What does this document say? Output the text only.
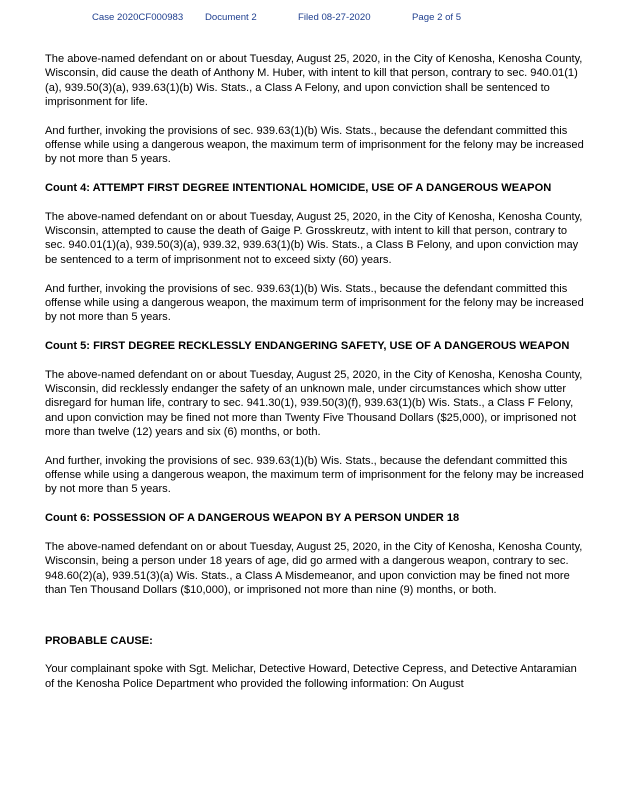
Case 2020CF000983 Document 2	Filed 08-27-2020	Page 2 of 5

The above-named defendant on or about Tuesday, August 25, 2020, in the City of Kenosha, Kenosha County, Wisconsin, did cause the death of Anthony M. Huber, with intent to kill that person, contrary to sec. 940.01(1)(a), 939.50(3)(a), 939.63(1)(b) Wis. Stats., a Class A Felony, and upon conviction shall be sentenced to imprisonment for life.

And further, invoking the provisions of sec. 939.63(1)(b) Wis. Stats., because the defendant committed this offense while using a dangerous weapon, the maximum term of imprisonment for the felony may be increased by not more than 5 years.

Count 4: ATTEMPT FIRST DEGREE INTENTIONAL HOMICIDE, USE OF A DANGEROUS WEAPON

The above-named defendant on or about Tuesday, August 25, 2020, in the City of Kenosha, Kenosha County, Wisconsin, attempted to cause the death of Gaige P. Grosskreutz, with intent to kill that person, contrary to sec. 940.01(1)(a), 939.50(3)(a), 939.32, 939.63(1)(b) Wis. Stats., a Class B Felony, and upon conviction may be sentenced to a term of imprisonment not to exceed sixty (60) years.

And further, invoking the provisions of sec. 939.63(1)(b) Wis. Stats., because the defendant committed this offense while using a dangerous weapon, the maximum term of imprisonment for the felony may be increased by not more than 5 years.

Count 5: FIRST DEGREE RECKLESSLY ENDANGERING SAFETY, USE OF A DANGEROUS WEAPON

The above-named defendant on or about Tuesday, August 25, 2020, in the City of Kenosha, Kenosha County, Wisconsin, did recklessly endanger the safety of an unknown male, under circumstances which show utter disregard for human life, contrary to sec. 941.30(1), 939.50(3)(f), 939.63(1)(b) Wis. Stats., a Class F Felony, and upon conviction may be fined not more than Twenty Five Thousand Dollars ($25,000), or imprisoned not more than twelve (12) years and six (6) months, or both.

And further, invoking the provisions of sec. 939.63(1)(b) Wis. Stats., because the defendant committed this offense while using a dangerous weapon, the maximum term of imprisonment for the felony may be increased by not more than 5 years.

Count 6: POSSESSION OF A DANGEROUS WEAPON BY A PERSON UNDER 18

The above-named defendant on or about Tuesday, August 25, 2020, in the City of Kenosha, Kenosha County, Wisconsin, being a person under 18 years of age, did go armed with a dangerous weapon, contrary to sec. 948.60(2)(a), 939.51(3)(a) Wis. Stats., a Class A Misdemeanor, and upon conviction may be fined not more than Ten Thousand Dollars ($10,000), or imprisoned not more than nine (9) months, or both.

PROBABLE CAUSE:

Your complainant spoke with Sgt. Melichar, Detective Howard, Detective Cepress, and Detective Antaramian of the Kenosha Police Department who provided the following information: On August
